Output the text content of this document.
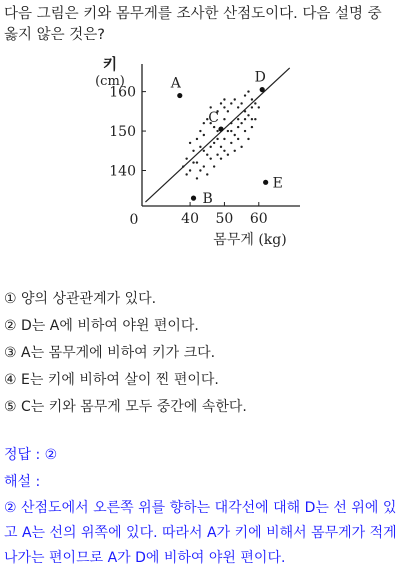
다음 그림은 키와 몸무게를 조사한 산점도이다. 다음 설명 중 옳지 않은 것은?

40 50 60
140
150
160
A
B
C
D
E
키
(cm)
몸무게 (kg)
0
① 양의 상관관계가 있다.
② D는 A에 비하여 야윈 편이다.
③ A는 몸무게에 비하여 키가 크다.
④ E는 키에 비하여 살이 찐 편이다.
⑤ C는 키와 몸무게 모두 중간에 속한다.
정답 : ②
해설 :

② 산점도에서 오른쪽 위를 향하는 대각선에 대해 D는 선 위에 있고 A는 선의 위쪽에 있다. 따라서 A가 키에 비해서 몸무게가 적게 나가는 편이므로 A가 D에 비하여 야윈 편이다.
